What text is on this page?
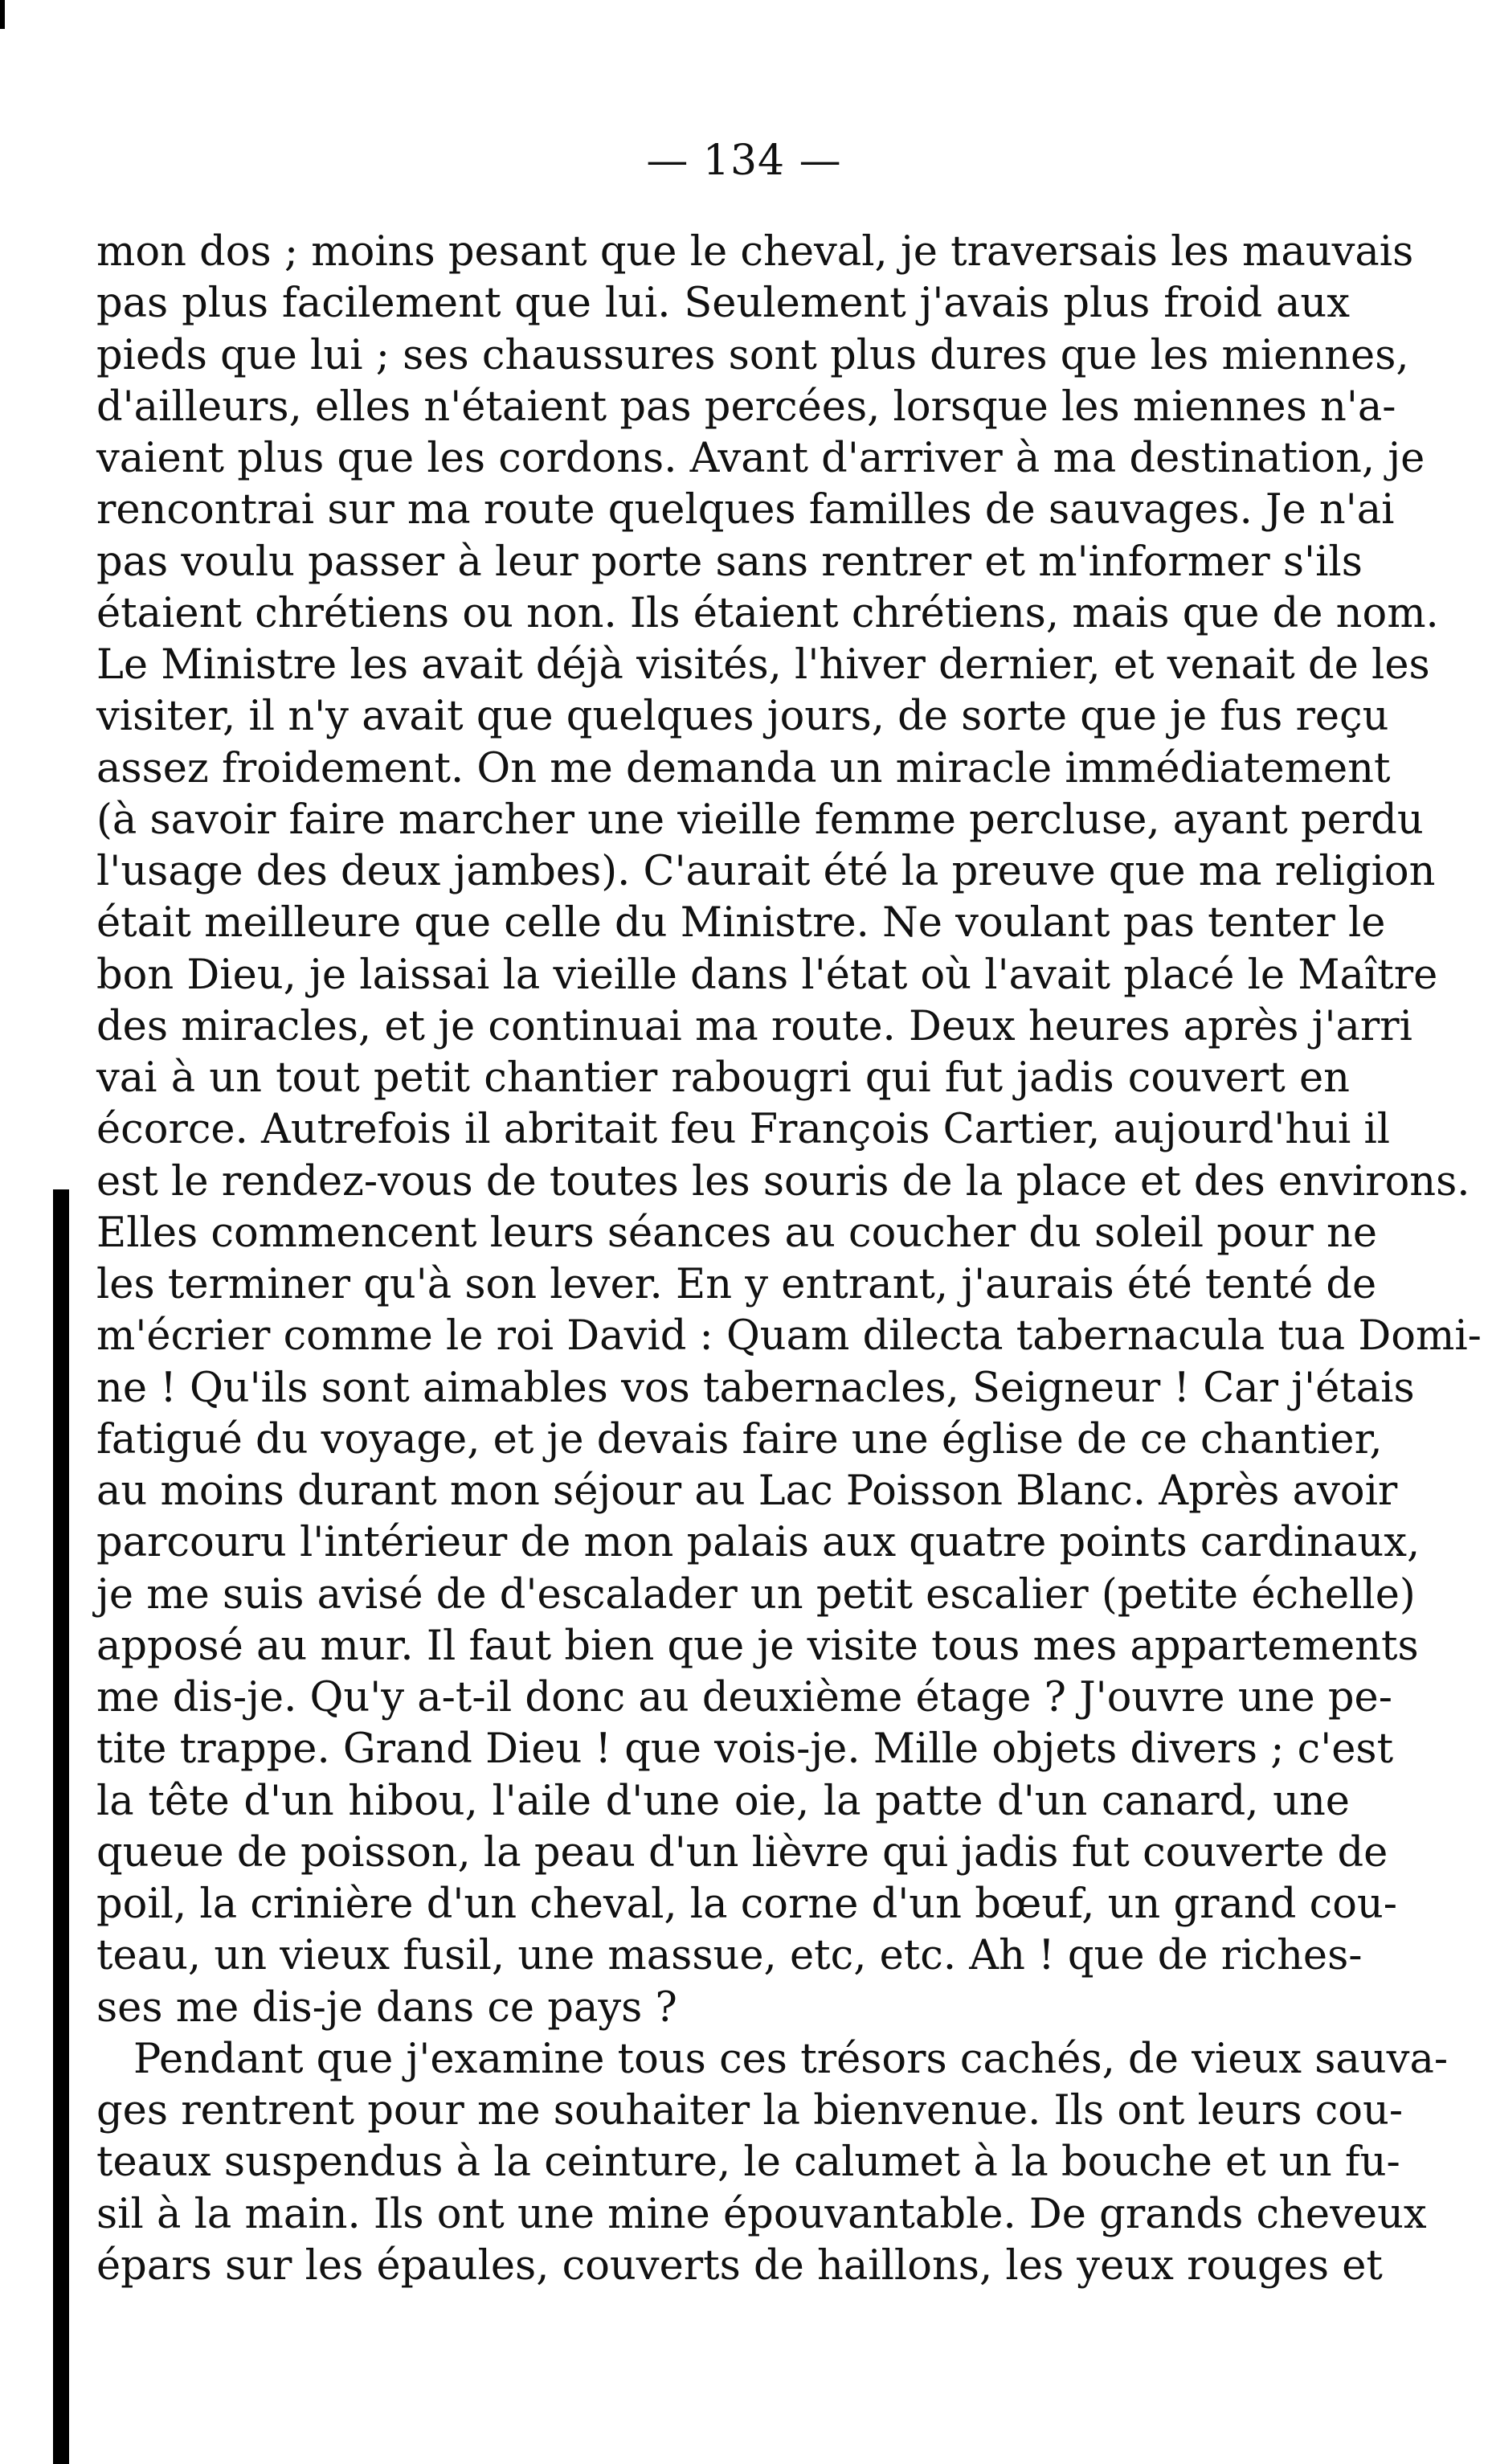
— 134 —
mon dos ; moins pesant que le cheval, je traversais les mauvais
pas plus facilement que lui. Seulement j'avais plus froid aux
pieds que lui ; ses chaussures sont plus dures que les miennes,
d'ailleurs, elles n'étaient pas percées, lorsque les miennes n'a-
vaient plus que les cordons. Avant d'arriver à ma destination, je
rencontrai sur ma route quelques familles de sauvages. Je n'ai
pas voulu passer à leur porte sans rentrer et m'informer s'ils
étaient chrétiens ou non. Ils étaient chrétiens, mais que de nom.
Le Ministre les avait déjà visités, l'hiver dernier, et venait de les
visiter, il n'y avait que quelques jours, de sorte que je fus reçu
assez froidement. On me demanda un miracle immédiatement
(à savoir faire marcher une vieille femme percluse, ayant perdu
l'usage des deux jambes). C'aurait été la preuve que ma religion
était meilleure que celle du Ministre. Ne voulant pas tenter le
bon Dieu, je laissai la vieille dans l'état où l'avait placé le Maître
des miracles, et je continuai ma route. Deux heures après j'arri
vai à un tout petit chantier rabougri qui fut jadis couvert en
écorce. Autrefois il abritait feu François Cartier, aujourd'hui il
est le rendez-vous de toutes les souris de la place et des environs.
Elles commencent leurs séances au coucher du soleil pour ne
les terminer qu'à son lever. En y entrant, j'aurais été tenté de
m'écrier comme le roi David : Quam dilecta tabernacula tua Domi-
ne ! Qu'ils sont aimables vos tabernacles, Seigneur ! Car j'étais
fatigué du voyage, et je devais faire une église de ce chantier,
au moins durant mon séjour au Lac Poisson Blanc. Après avoir
parcouru l'intérieur de mon palais aux quatre points cardinaux,
je me suis avisé de d'escalader un petit escalier (petite échelle)
apposé au mur. Il faut bien que je visite tous mes appartements
me dis-je. Qu'y a-t-il donc au deuxième étage ? J'ouvre une pe-
tite trappe. Grand Dieu ! que vois-je. Mille objets divers ; c'est
la tête d'un hibou, l'aile d'une oie, la patte d'un canard, une
queue de poisson, la peau d'un lièvre qui jadis fut couverte de
poil, la crinière d'un cheval, la corne d'un bœuf, un grand cou-
teau, un vieux fusil, une massue, etc, etc. Ah ! que de riches-
ses me dis-je dans ce pays ?
Pendant que j'examine tous ces trésors cachés, de vieux sauva-
ges rentrent pour me souhaiter la bienvenue. Ils ont leurs cou-
teaux suspendus à la ceinture, le calumet à la bouche et un fu-
sil à la main. Ils ont une mine épouvantable. De grands cheveux
épars sur les épaules, couverts de haillons, les yeux rouges et
